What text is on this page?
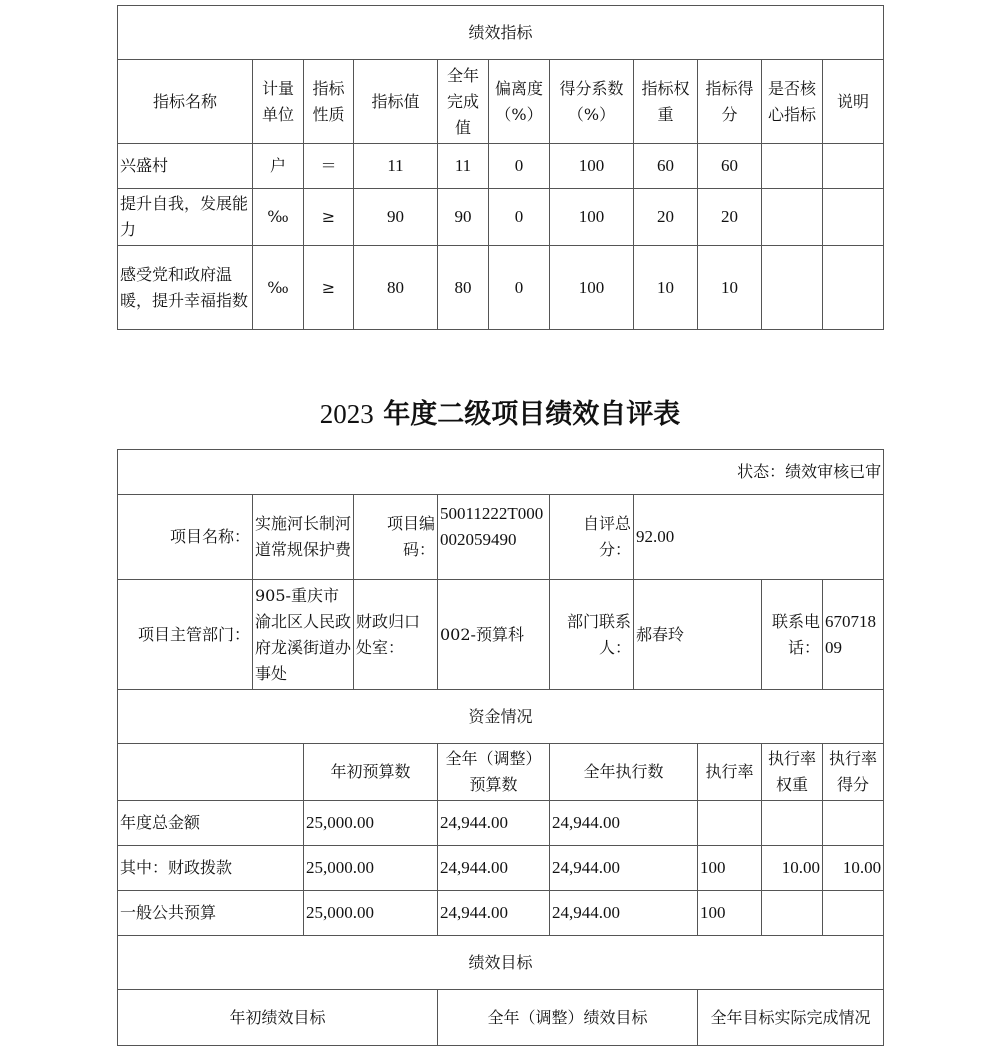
绩效指标										
指标名称	计量单位	指标性质	指标值	全年完成值	偏离度（%）	得分系数（%）	指标权重	指标得分	是否核心指标	说明
兴盛村	户	＝	11	11	0	100	60	60		
提升自我，发展能力	‰	≥	90	90	0	100	20	20		
感受党和政府温暖，提升幸福指数	‰	≥	80	80	0	100	10	10		
2023 年度二级项目绩效自评表
状态：绩效审核已审									
项目名称：	实施河长制河道常规保护费		项目编码：	50011222T000002059490	自评总分：	92.00			
项目主管部门：	905-重庆市渝北区人民政府龙溪街道办事处		财政归口处室：	002-预算科	部门联系人：	郝春玲		联系电话：	67071809
资金情况									
		年初预算数		全年（调整）预算数	全年执行数		执行率	执行率权重	执行率得分
年度总金额		25,000.00		24,944.00	24,944.00				
其中：财政拨款		25,000.00		24,944.00	24,944.00		100	10.00	10.00
一般公共预算		25,000.00		24,944.00	24,944.00		100		
绩效目标									
年初绩效目标				全年（调整）绩效目标			全年目标实际完成情况		
